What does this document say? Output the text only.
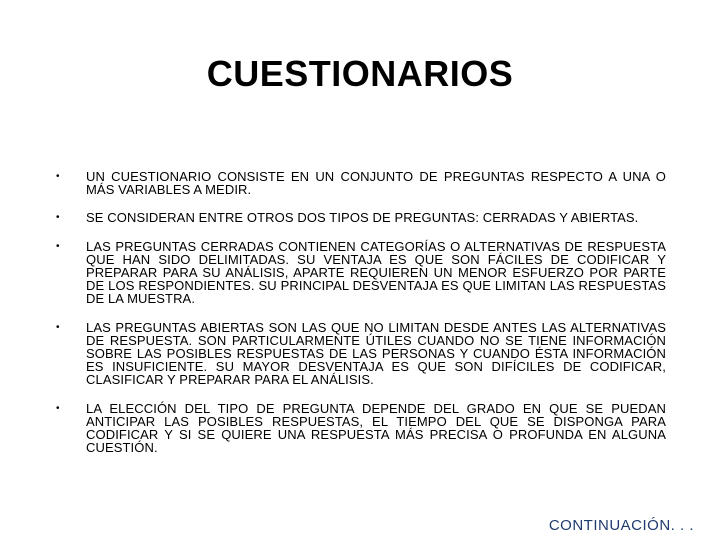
CUESTIONARIOS
• UN CUESTIONARIO CONSISTE EN UN CONJUNTO DE PREGUNTAS RESPECTO A UNA O MÁS VARIABLES A MEDIR.
• SE CONSIDERAN ENTRE OTROS DOS TIPOS DE PREGUNTAS: CERRADAS Y ABIERTAS.
• LAS PREGUNTAS CERRADAS CONTIENEN CATEGORÍAS O ALTERNATIVAS DE RESPUESTA QUE HAN SIDO DELIMITADAS. SU VENTAJA ES QUE SON FÁCILES DE CODIFICAR Y PREPARAR PARA SU ANÁLISIS, APARTE REQUIEREN UN MENOR ESFUERZO POR PARTE DE LOS RESPONDIENTES. SU PRINCIPAL DESVENTAJA ES QUE LIMITAN LAS RESPUESTAS DE LA MUESTRA.
• LAS PREGUNTAS ABIERTAS SON LAS QUE NO LIMITAN DESDE ANTES LAS ALTERNATIVAS DE RESPUESTA. SON PARTICULARMENTE ÚTILES CUANDO NO SE TIENE INFORMACIÓN SOBRE LAS POSIBLES RESPUESTAS DE LAS PERSONAS Y CUANDO ÉSTA INFORMACIÓN ES INSUFICIENTE. SU MAYOR DESVENTAJA ES QUE SON DIFÍCILES DE CODIFICAR, CLASIFICAR Y PREPARAR PARA EL ANÁLISIS.
• LA ELECCIÓN DEL TIPO DE PREGUNTA DEPENDE DEL GRADO EN QUE SE PUEDAN ANTICIPAR LAS POSIBLES RESPUESTAS, EL TIEMPO DEL QUE SE DISPONGA PARA CODIFICAR Y SI SE QUIERE UNA RESPUESTA MÁS PRECISA O PROFUNDA EN ALGUNA CUESTIÓN.
CONTINUACIÓN. . .
